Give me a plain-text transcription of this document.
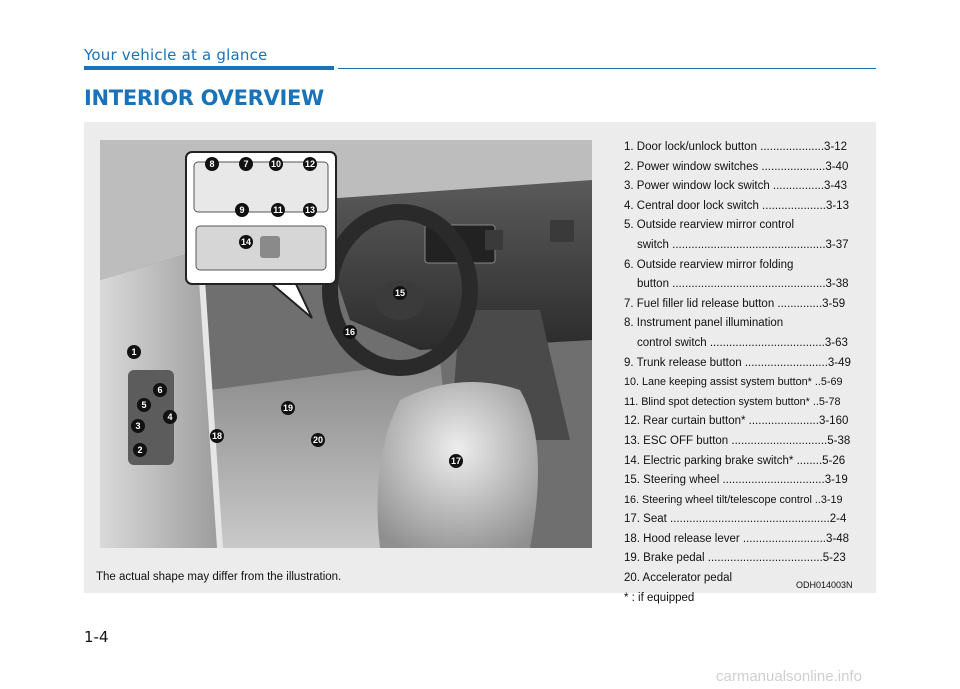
Your vehicle at a glance
INTERIOR OVERVIEW
1
2
3
4
5
6
7
8
9
10
11
12
13
14
15
16
17
18
19
20
1. Door lock/unlock button ....................3-12
2. Power window switches ....................3-40
3. Power window lock switch ................3-43
4. Central door lock switch ....................3-13
5. Outside rearview mirror control
switch ................................................3-37
6. Outside rearview mirror folding
button ................................................3-38
7. Fuel filler lid release button ..............3-59
8. Instrument panel illumination
control switch ....................................3-63
9. Trunk release button ..........................3-49
10. Lane keeping assist system button* ..5-69
11. Blind spot detection system button* ..5-78
12. Rear curtain button* ......................3-160
13. ESC OFF button ..............................5-38
14. Electric parking brake switch* ........5-26
15. Steering wheel ................................3-19
16. Steering wheel tilt/telescope control ..3-19
17. Seat ..................................................2-4
18. Hood release lever ..........................3-48
19. Brake pedal ....................................5-23
20. Accelerator pedal
* : if equipped
The actual shape may differ from the illustration.
ODH014003N
1-4
carmanualsonline.info
